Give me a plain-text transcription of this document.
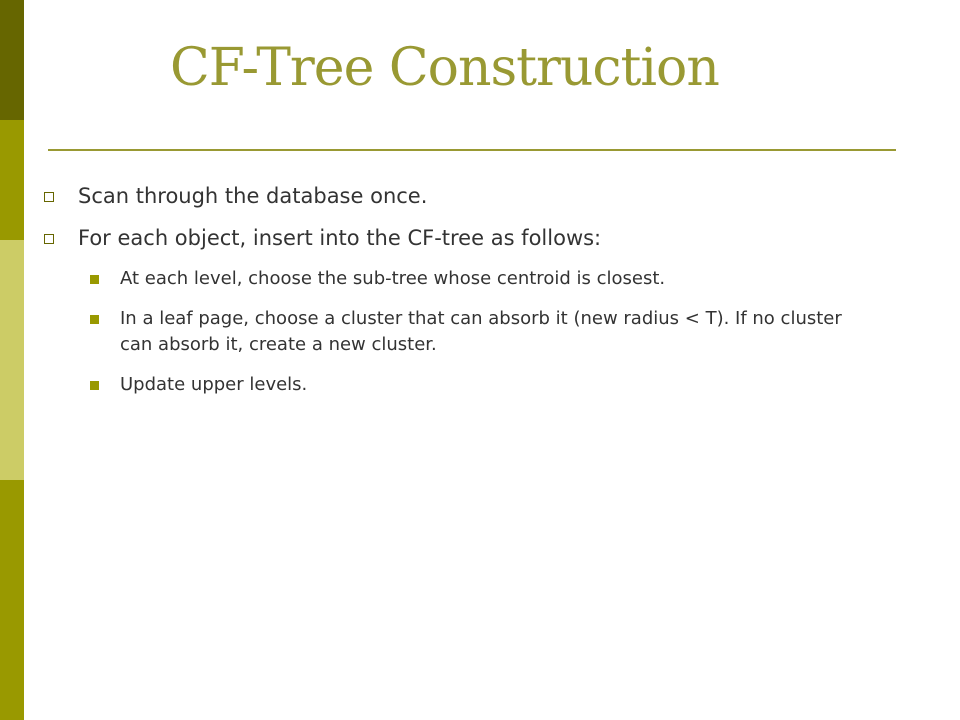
CF-Tree Construction
Scan through the database once.
For each object, insert into the CF-tree as follows:
At each level, choose the sub-tree whose centroid is closest.
In a leaf page, choose a cluster that can absorb it (new radius < T). If no cluster can absorb it, create a new cluster.
Update upper levels.
